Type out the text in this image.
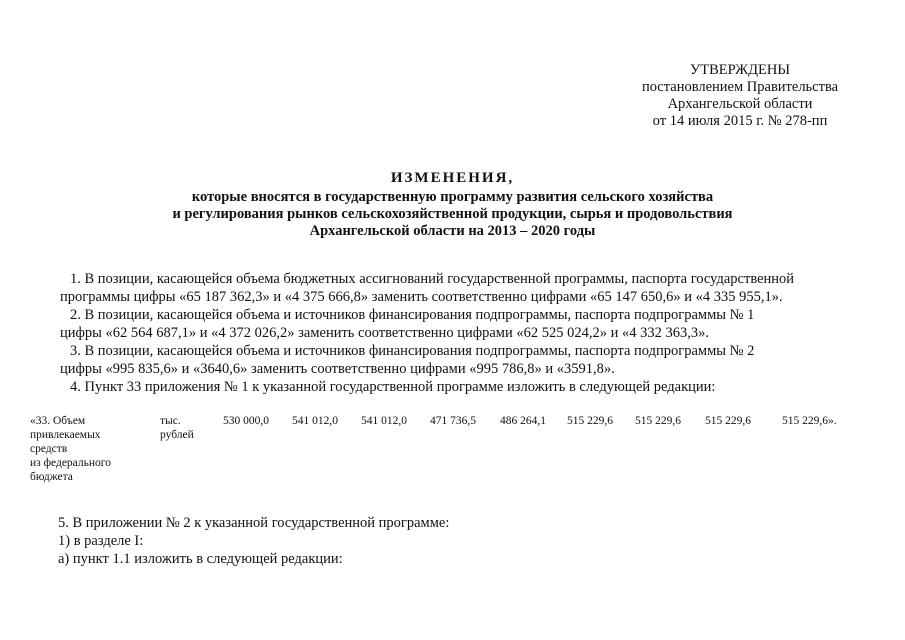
УТВЕРЖДЕНЫ
постановлением Правительства
Архангельской области
от 14 июля 2015 г. № 278-пп
ИЗМЕНЕНИЯ,
которые вносятся в государственную программу развития сельского хозяйства
и регулирования рынков сельскохозяйственной продукции, сырья и продовольствия
Архангельской области на 2013 – 2020 годы
1. В позиции, касающейся объема бюджетных ассигнований государственной программы, паспорта государственной
программы цифры «65 187 362,3» и «4 375 666,8» заменить соответственно цифрами «65 147 650,6» и «4 335 955,1».
2. В позиции, касающейся объема и источников финансирования подпрограммы, паспорта подпрограммы № 1
цифры «62 564 687,1» и «4 372 026,2» заменить соответственно цифрами «62 525 024,2» и «4 332 363,3».
3. В позиции, касающейся объема и источников финансирования подпрограммы, паспорта подпрограммы № 2
цифры «995 835,6» и «3640,6» заменить соответственно цифрами «995 786,8» и «3591,8».
4. Пункт 33 приложения № 1 к указанной государственной программе изложить в следующей редакции:
«33. Объем
привлекаемых
средств
из федерального
бюджета
тыс.
рублей
530 000,0 541 012,0 541 012,0 471 736,5 486 264,1 515 229,6 515 229,6 515 229,6	515 229,6».
5. В приложении № 2 к указанной государственной программе:
1) в разделе I:
а) пункт 1.1 изложить в следующей редакции:
